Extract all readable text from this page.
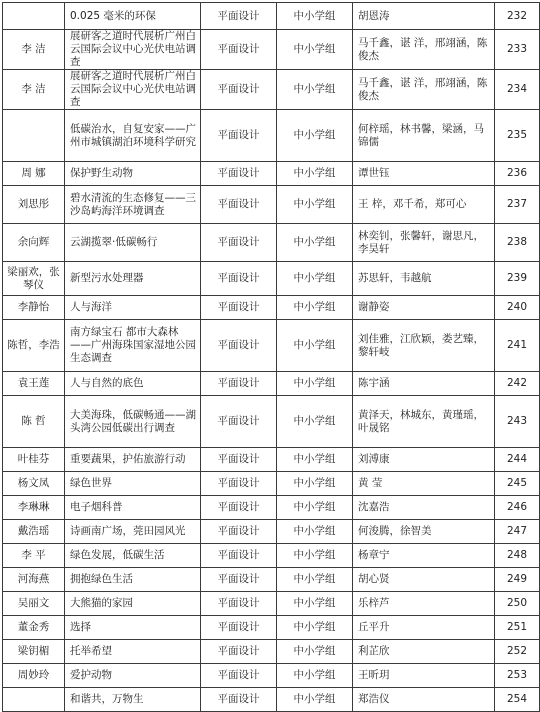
	0.025 毫米的环保	平面设计	中小学组	胡恩涛	232
李 洁	展研客之道时代展析广州白云国际会议中心光伏电站调查	平面设计	中小学组	马千鑫，谌 洋，邢翊涵，陈俊杰	233
李 洁	展研客之道时代展析广州白云国际会议中心光伏电站调查	平面设计	中小学组	马千鑫，谌 洋，邢翊涵，陈俊杰	234
	低碳治水，自复安家——广州市城镇湖泊环境科学研究	平面设计	中小学组	何梓瑶，林书馨，梁涵，马锦儒	235
周 娜	保护野生动物	平面设计	中小学组	谭世钰	236
刘思彤	碧水清流的生态修复——三沙岛屿海洋环境调查	平面设计	中小学组	王 梓，邓千希，郑可心	237
余向辉	云湖揽翠·低碳畅行	平面设计	中小学组	林奕钊，张馨轩，谢思凡，李昊轩	238
梁丽欢，张琴仪	新型污水处理器	平面设计	中小学组	苏思轩，韦越航	239
李静怡	人与海洋	平面设计	中小学组	谢静姿	240
陈哲，李浩	南方绿宝石 都市大森林——广州海珠国家湿地公园生态调查	平面设计	中小学组	刘佳雅，江欣颖，娄艺臻，黎轩岐	241
袁王莲	人与自然的底色	平面设计	中小学组	陈宇涵	242
陈 哲	大美海珠，低碳畅通——湖头湾公园低碳出行调查	平面设计	中小学组	黄泽天，林城东，黄瑾瑶，叶晟铭	243
叶桂芬	重要蔬果，护佑旅游行动	平面设计	中小学组	刘溥康	244
杨文凤	绿色世界	平面设计	中小学组	黄 莹	245
李琳琳	电子烟科普	平面设计	中小学组	沈嘉浩	246
戴浩瑶	诗画南广场，莞田园风光	平面设计	中小学组	何浚腾，徐智美	247
李 平	绿色发展，低碳生活	平面设计	中小学组	杨章宁	248
河海燕	拥抱绿色生活	平面设计	中小学组	胡心贤	249
吴丽文	大熊猫的家园	平面设计	中小学组	乐梓芦	250
董金秀	选择	平面设计	中小学组	丘平升	251
梁钥楣	托举希望	平面设计	中小学组	利芷欣	252
周妙玲	爱护动物	平面设计	中小学组	王昕玥	253
	和谐共，万物生	平面设计	中小学组	郑浩仪	254
